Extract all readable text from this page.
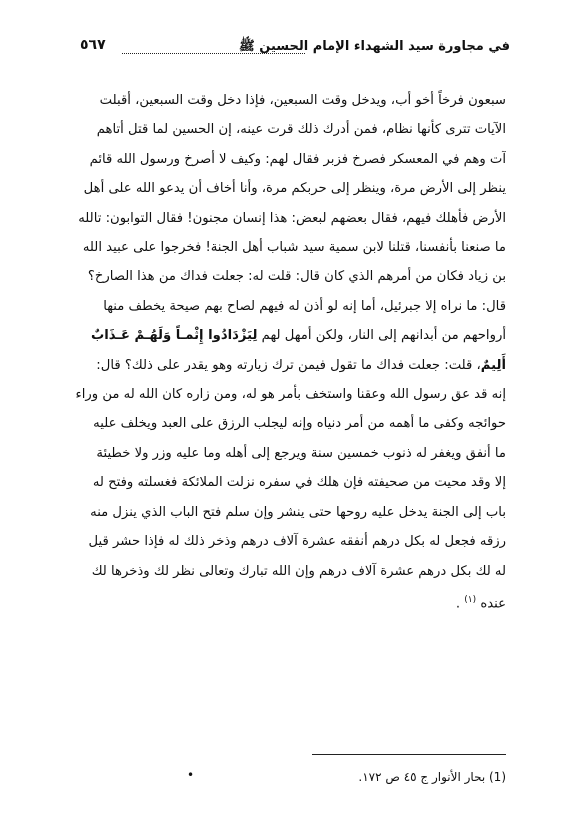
في مجاورة سيد الشهداء الإمام الحسين ﷺ
٥٦٧
سبعون فرخاً أخو أب، ويدخل وقت السبعين، فإذا دخل وقت السبعين، أقبلت
الآيات تترى كأنها نظام، فمن أدرك ذلك قرت عينه، إن الحسين لما قتل أتاهم
آت وهم في المعسكر فصرخ فزبر فقال لهم: وكيف لا أصرخ ورسول الله قائم
ينظر إلى الأرض مرة، وينظر إلى حربكم مرة، وأنا أخاف أن يدعو الله على أهل
الأرض فأهلك فيهم، فقال بعضهم لبعض: هذا إنسان مجنون! فقال التوابون: تالله
ما صنعنا بأنفسنا، قتلنا لابن سمية سيد شباب أهل الجنة! فخرجوا على عبيد الله
بن زياد فكان من أمرهم الذي كان قال: قلت له: جعلت فداك من هذا الصارخ؟
قال: ما نراه إلا جبرئيل، أما إنه لو أذن له فيهم لصاح بهم صيحة يخطف منها
أرواحهم من أبدانهم إلى النار، ولكن أمهل لهم لِيَزْدَادُوا إِثْمـاً وَلَهُـمْ عَـذَابٌ
أَلِيمٌ، قلت: جعلت فداك ما تقول فيمن ترك زيارته وهو يقدر على ذلك؟ قال:
إنه قد عق رسول الله وعقنا واستخف بأمر هو له، ومن زاره كان الله له من وراء
حوائجه وكفى ما أهمه من أمر دنياه وإنه ليجلب الرزق على العبد ويخلف عليه
ما أنفق ويغفر له ذنوب خمسين سنة ويرجع إلى أهله وما عليه وزر ولا خطيئة
إلا وقد محيت من صحيفته فإن هلك في سفره نزلت الملائكة فغسلته وفتح له
باب إلى الجنة يدخل عليه روحها حتى ينشر وإن سلم فتح الباب الذي ينزل منه
رزقه فجعل له بكل درهم أنفقه عشرة آلاف درهم وذخر ذلك له فإذا حشر قيل
له لك بكل درهم عشرة آلاف درهم وإن الله تبارك وتعالى نظر لك وذخرها لك
عنده $^{(١)}$ .
•	(1) بحار الأنوار ج ٤٥ ص ١٧٢.
